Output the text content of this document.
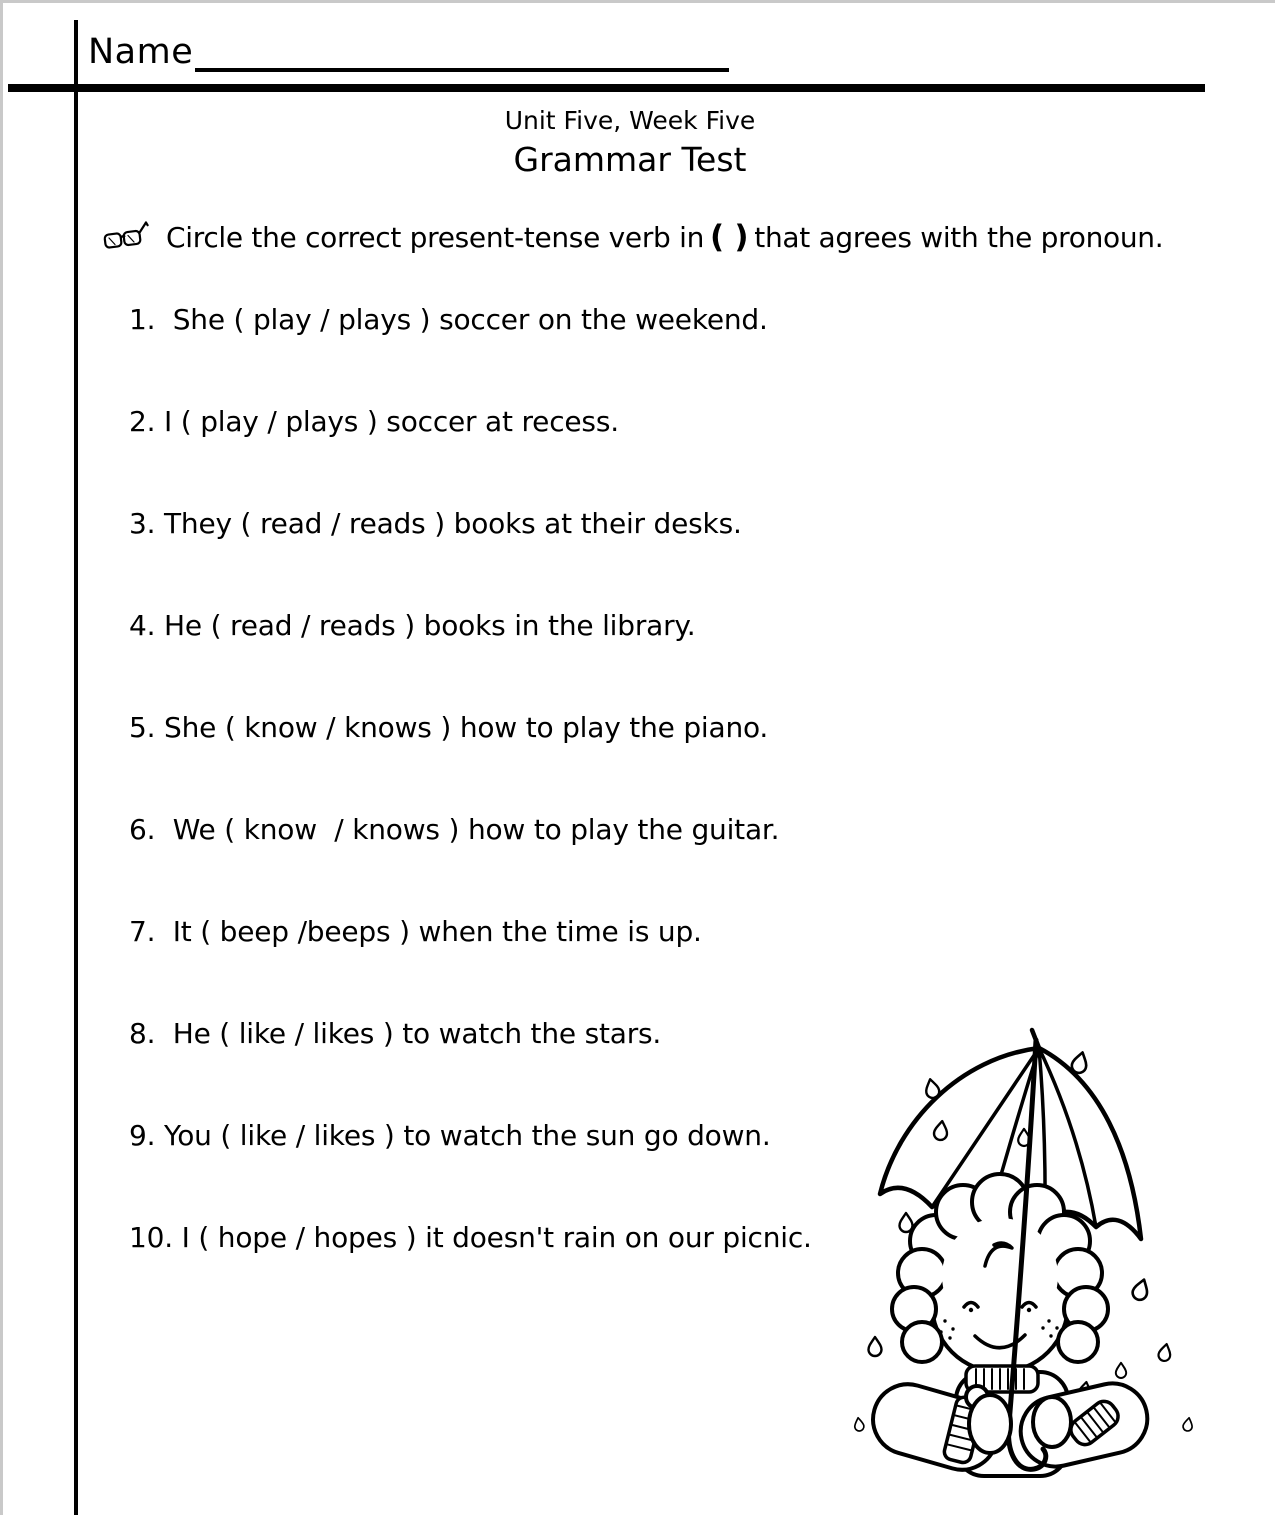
Name
Unit Five, Week Five
Grammar Test
Circle the correct present-tense verb in ( ) that agrees with the pronoun.
1.  She ( play / plays ) soccer on the weekend.
2. I ( play / plays ) soccer at recess.
3. They ( read / reads ) books at their desks.
4. He ( read / reads ) books in the library.
5. She ( know / knows ) how to play the piano.
6.  We ( know  / knows ) how to play the guitar.
7.  It ( beep /beeps ) when the time is up.
8.  He ( like / likes ) to watch the stars.
9. You ( like / likes ) to watch the sun go down.
10. I ( hope / hopes ) it doesn't rain on our picnic.
